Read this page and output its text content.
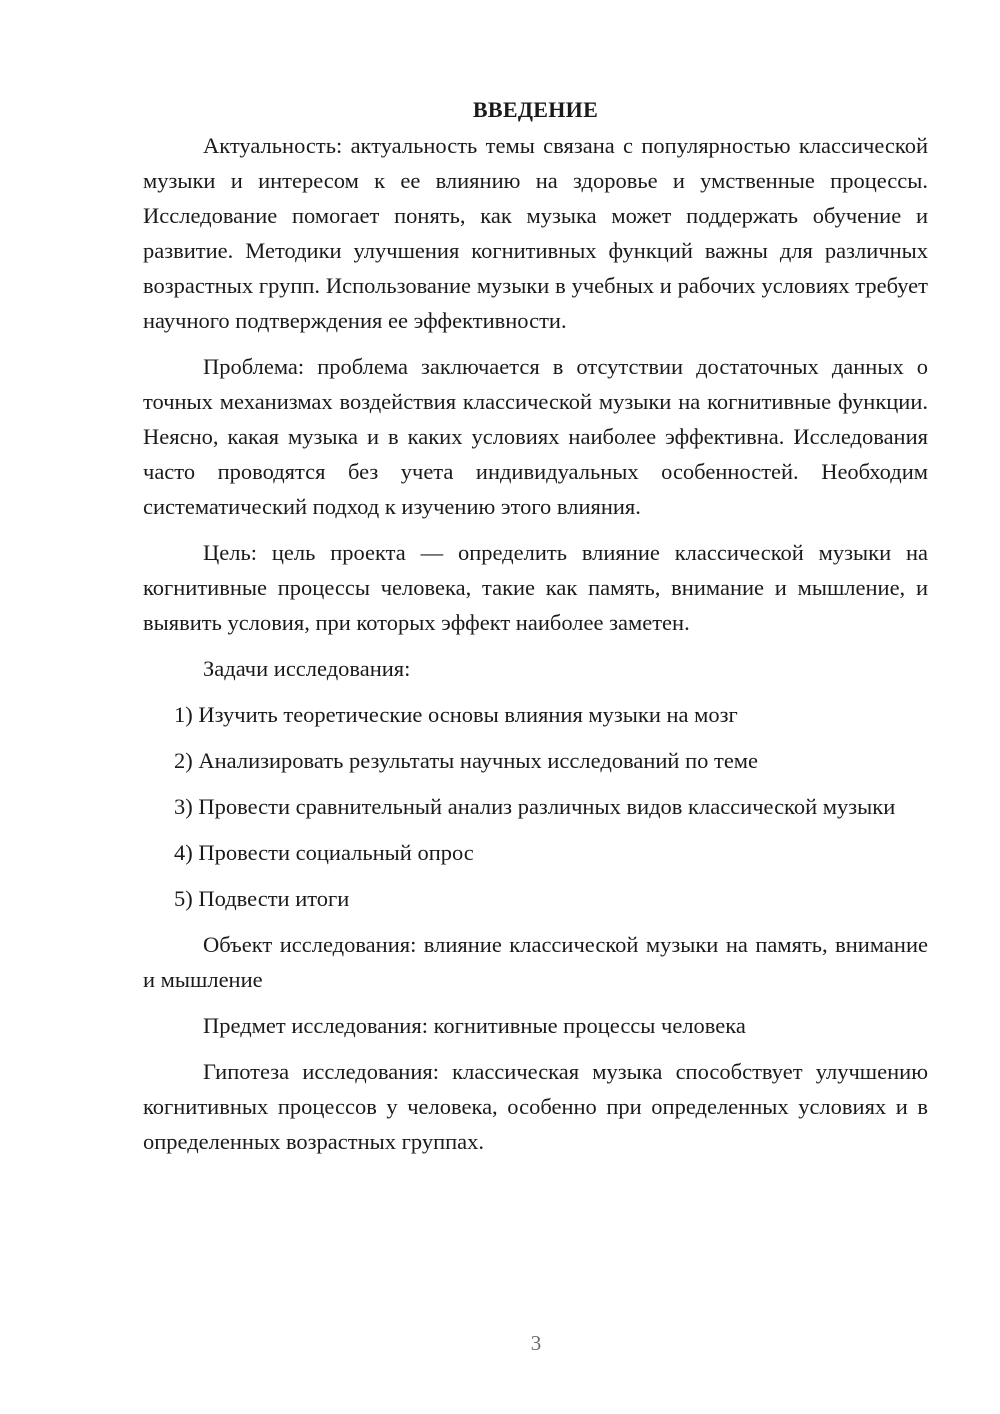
ВВЕДЕНИЕ

Актуальность: актуальность темы связана с популярностью классической музыки и интересом к ее влиянию на здоровье и умственные процессы. Исследование помогает понять, как музыка может поддержать обучение и развитие. Методики улучшения когнитивных функций важны для различных возрастных групп. Использование музыки в учебных и рабочих условиях требует научного подтверждения ее эффективности.

Проблема: проблема заключается в отсутствии достаточных данных о точных механизмах воздействия классической музыки на когнитивные функции. Неясно, какая музыка и в каких условиях наиболее эффективна. Исследования часто проводятся без учета индивидуальных особенностей. Необходим систематический подход к изучению этого влияния.

Цель: цель проекта — определить влияние классической музыки на когнитивные процессы человека, такие как память, внимание и мышление, и выявить условия, при которых эффект наиболее заметен.

Задачи исследования:

1) Изучить теоретические основы влияния музыки на мозг

2) Анализировать результаты научных исследований по теме

3) Провести сравнительный анализ различных видов классической музыки

4) Провести социальный опрос

5) Подвести итоги

Объект исследования: влияние классической музыки на память, внимание и мышление

Предмет исследования: когнитивные процессы человека

Гипотеза исследования: классическая музыка способствует улучшению когнитивных процессов у человека, особенно при определенных условиях и в определенных возрастных группах.

3
